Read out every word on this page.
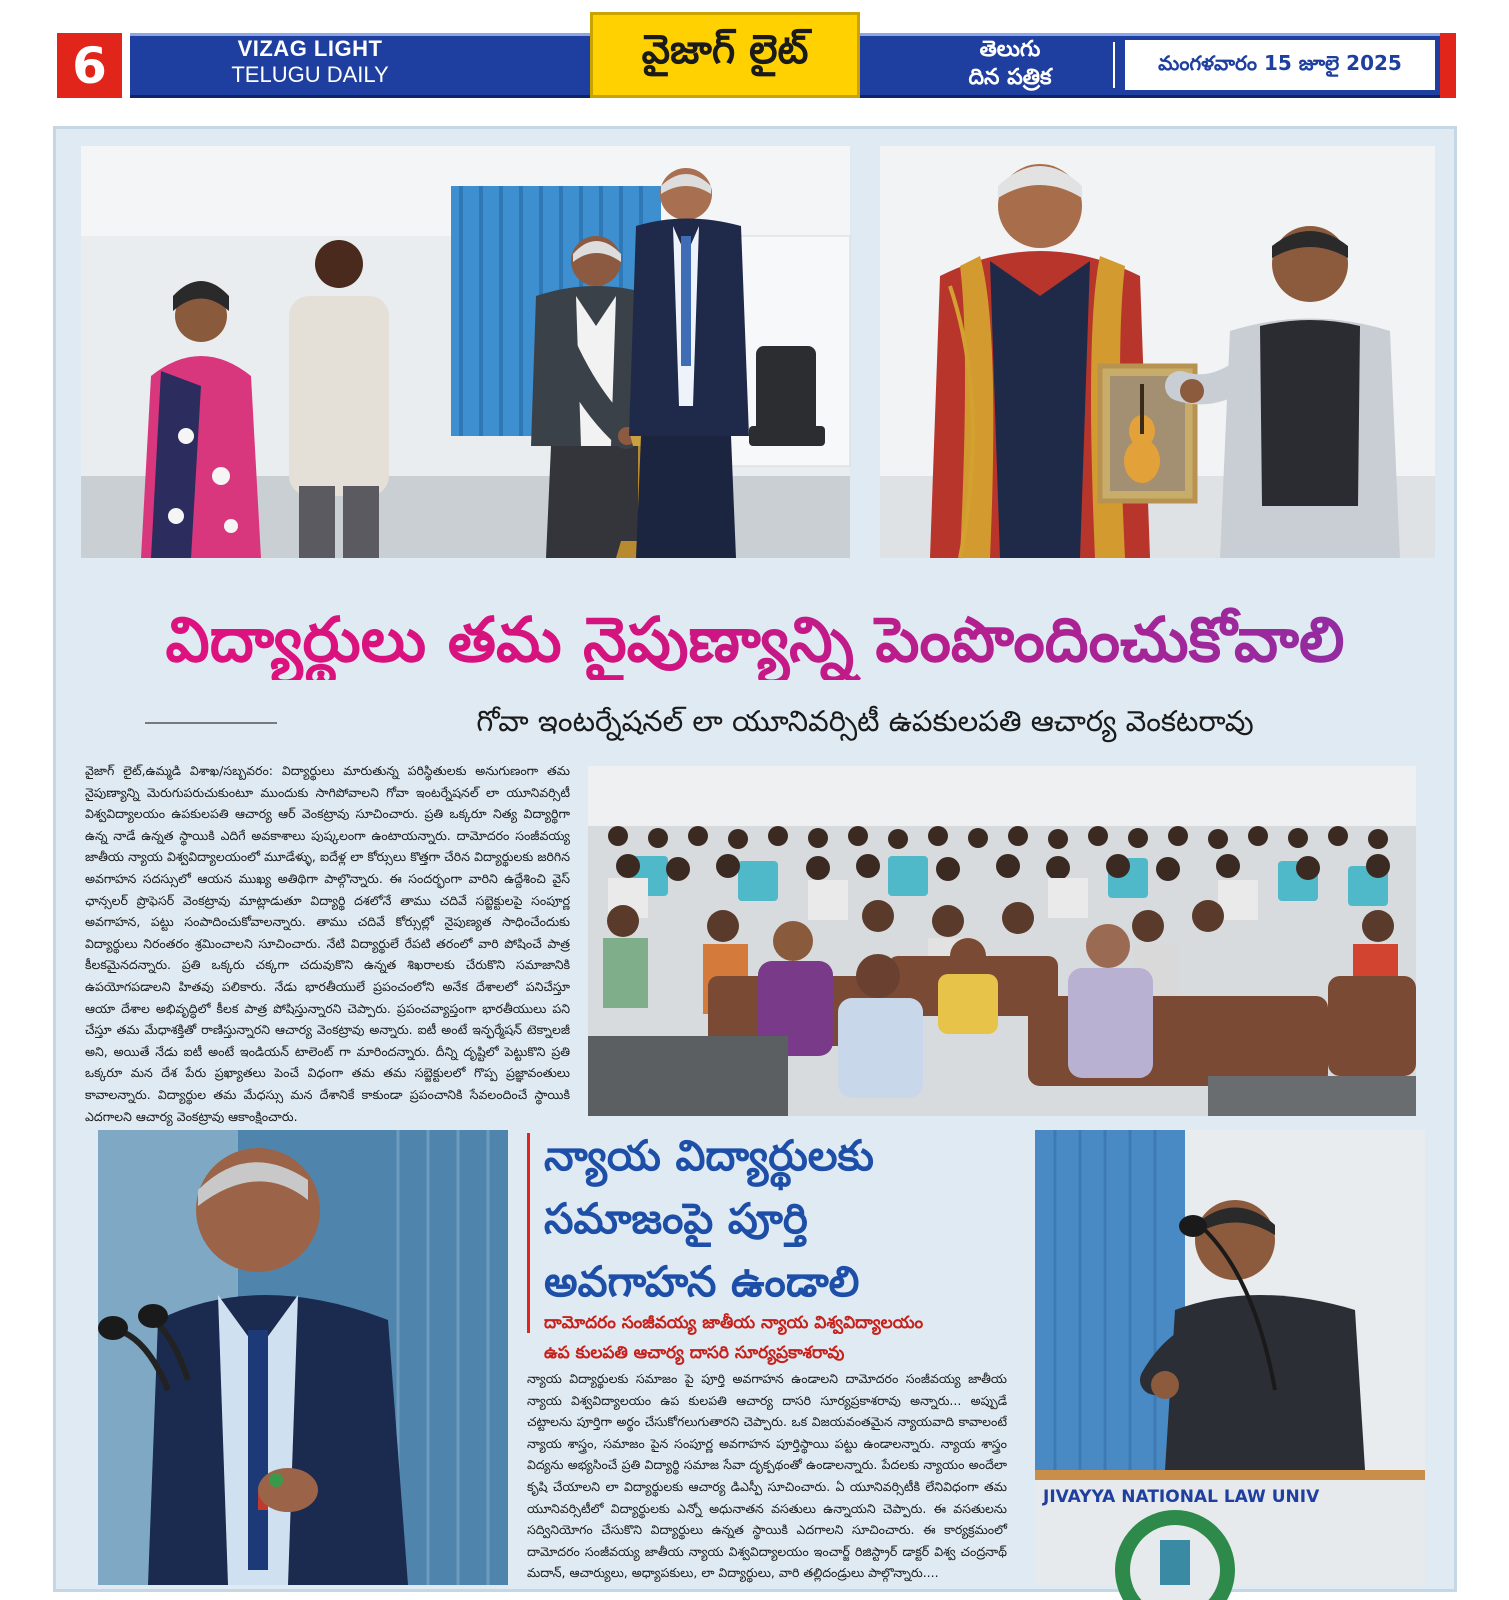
6	VIZAG LIGHT
TELUGU DAILY
వైజాగ్ లైట్	తెలుగు
దిన పత్రిక
మంగళవారం 15 జూలై 2025
విద్యార్థులు తమ నైపుణ్యాన్ని పెంపొందించుకోవాలి
గోవా ఇంటర్నేషనల్ లా యూనివర్సిటీ ఉపకులపతి ఆచార్య వెంకటరావు
వైజాగ్ లైట్,ఉమ్మడి విశాఖ/సబ్బవరం: విద్యార్థులు మారుతున్న పరిస్థితులకు అనుగుణంగా తమ నైపుణ్యాన్ని మెరుగుపరుచుకుంటూ ముందుకు సాగిపోవాలని గోవా ఇంటర్నేషనల్ లా యూనివర్సిటీ విశ్వవిద్యాలయం ఉపకులపతి ఆచార్య ఆర్ వెంకట్రావు సూచించారు. ప్రతి ఒక్కరూ నిత్య విద్యార్థిగా ఉన్న నాడే ఉన్నత స్థాయికి ఎదిగే అవకాశాలు పుష్కలంగా ఉంటాయన్నారు. దామోదరం సంజీవయ్య జాతీయ న్యాయ విశ్వవిద్యాలయంలో మూడేళ్ళు, ఐదేళ్ల లా కోర్సులు కొత్తగా చేరిన విద్యార్థులకు జరిగిన అవగాహన సదస్సులో ఆయన ముఖ్య అతిథిగా పాల్గొన్నారు. ఈ సందర్భంగా వారిని ఉద్దేశించి వైస్ ఛాన్సలర్ ప్రొఫెసర్ వెంకట్రావు మాట్లాడుతూ విద్యార్థి దశలోనే తాము చదివే సబ్జెక్టులపై సంపూర్ణ అవగాహన, పట్టు సంపాదించుకోవాలన్నారు. తాము చదివే కోర్సుల్లో నైపుణ్యత సాధించేందుకు విద్యార్థులు నిరంతరం శ్రమించాలని సూచించారు. నేటి విద్యార్థులే రేపటి తరంలో వారి పోషించే పాత్ర కీలకమైనదన్నారు. ప్రతి ఒక్కరు చక్కగా చదువుకొని ఉన్నత శిఖరాలకు చేరుకొని సమాజానికి ఉపయోగపడాలని హితవు పలికారు. నేడు భారతీయులే ప్రపంచంలోని అనేక దేశాలలో పనిచేస్తూ ఆయా దేశాల అభివృద్ధిలో కీలక పాత్ర పోషిస్తున్నారని చెప్పారు. ప్రపంచవ్యాప్తంగా భారతీయులు పని చేస్తూ తమ మేధాశక్తితో రాణిస్తున్నారని ఆచార్య వెంకట్రావు అన్నారు. ఐటీ అంటే ఇన్ఫర్మేషన్ టెక్నాలజీ అని, అయితే నేడు ఐటీ అంటే ఇండియన్ టాలెంట్ గా మారిందన్నారు. దీన్ని దృష్టిలో పెట్టుకొని ప్రతి ఒక్కరూ మన దేశ పేరు ప్రఖ్యాతలు పెంచే విధంగా తమ తమ సబ్జెక్టులలో గొప్ప ప్రజ్ఞావంతులు కావాలన్నారు. విద్యార్థుల తమ మేధస్సు మన దేశానికే కాకుండా ప్రపంచానికి సేవలందించే స్థాయికి ఎదగాలని ఆచార్య వెంకట్రావు ఆకాంక్షించారు.
న్యాయ విద్యార్థులకు
సమాజంపై పూర్తి
అవగాహన ఉండాలి
దామోదరం సంజీవయ్య జాతీయ న్యాయ విశ్వవిద్యాలయం
ఉప కులపతి ఆచార్య దాసరి సూర్యప్రకాశరావు
న్యాయ విద్యార్థులకు సమాజం పై పూర్తి అవగాహన ఉండాలని దామోదరం సంజీవయ్య జాతీయ న్యాయ విశ్వవిద్యాలయం ఉప కులపతి ఆచార్య దాసరి సూర్యప్రకాశరావు అన్నారు... అప్పుడే చట్టాలను పూర్తిగా అర్థం చేసుకోగలుగుతారని చెప్పారు. ఒక విజయవంతమైన న్యాయవాది కావాలంటే న్యాయ శాస్త్రం, సమాజం పైన సంపూర్ణ అవగాహన పూర్తిస్థాయి పట్టు ఉండాలన్నారు. న్యాయ శాస్త్రం విద్యను అభ్యసించే ప్రతి విద్యార్థి సమాజ సేవా దృక్పథంతో ఉండాలన్నారు. పేదలకు న్యాయం అందేలా కృషి చేయాలని లా విద్యార్థులకు ఆచార్య డిఎస్పీ సూచించారు. ఏ యూనివర్సిటీకి లేనివిధంగా తమ యూనివర్సిటీలో విద్యార్థులకు ఎన్నో అధునాతన వసతులు ఉన్నాయని చెప్పారు. ఈ వసతులను సద్వినియోగం చేసుకొని విద్యార్థులు ఉన్నత స్థాయికి ఎదగాలని సూచించారు. ఈ కార్యక్రమంలో దామోదరం సంజీవయ్య జాతీయ న్యాయ విశ్వవిద్యాలయం ఇంచార్జ్ రిజిస్ట్రార్ డాక్టర్ విశ్వ చంద్రనాథ్ మదాన్, ఆచార్యులు, అధ్యాపకులు, లా విద్యార్థులు, వారి తల్లిదండ్రులు పాల్గొన్నారు....
JIVAYYA NATIONAL LAW UNIV
